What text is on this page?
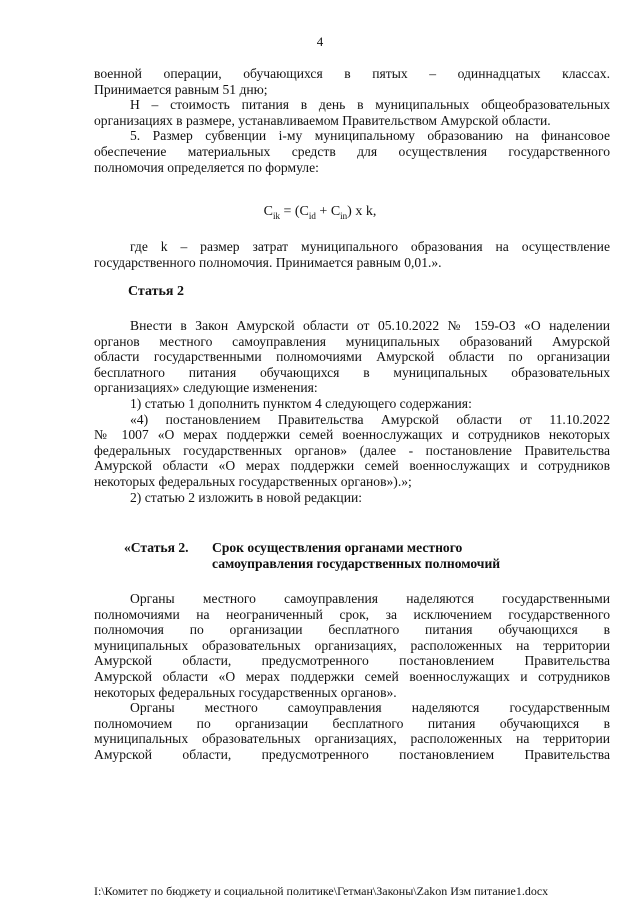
4

военной операции, обучающихся в пятых – одиннадцатых классах.

Принимается равным 51 дню;

Н – стоимость питания в день в муниципальных общеобразовательных

организациях в размере, устанавливаемом Правительством Амурской области.

5. Размер субвенции i-му муниципальному образованию на финансовое

обеспечение материальных средств для осуществления государственного

полномочия определяется по формуле:

$C_{ik} = (C_{id} + C_{in})$ x k,

где k – размер затрат муниципального образования на осуществление

государственного полномочия. Принимается равным 0,01.».

Статья 2

Внести в Закон Амурской области от 05.10.2022 № 159-ОЗ «О наделении

органов местного самоуправления муниципальных образований Амурской

области государственными полномочиями Амурской области по организации

бесплатного питания обучающихся в муниципальных образовательных

организациях» следующие изменения:

1) статью 1 дополнить пунктом 4 следующего содержания:

«4) постановлением Правительства Амурской области от 11.10.2022

№ 1007 «О мерах поддержки семей военнослужащих и сотрудников некоторых

федеральных государственных органов» (далее - постановление Правительства

Амурской области «О мерах поддержки семей военнослужащих и сотрудников

некоторых федеральных государственных органов»).»;

2) статью 2 изложить в новой редакции:

«Статья 2. Срок осуществления органами местного
самоуправления государственных полномочий

Органы местного самоуправления наделяются государственными

полномочиями на неограниченный срок, за исключением государственного

полномочия по организации бесплатного питания обучающихся в

муниципальных образовательных организациях, расположенных на территории

Амурской области, предусмотренного постановлением Правительства

Амурской области «О мерах поддержки семей военнослужащих и сотрудников

некоторых федеральных государственных органов».

Органы местного самоуправления наделяются государственным

полномочием по организации бесплатного питания обучающихся в

муниципальных образовательных организациях, расположенных на территории

Амурской области, предусмотренного постановлением Правительства

I:\Комитет по бюджету и социальной политике\Гетман\Законы\Zakon Изм питание1.docx
